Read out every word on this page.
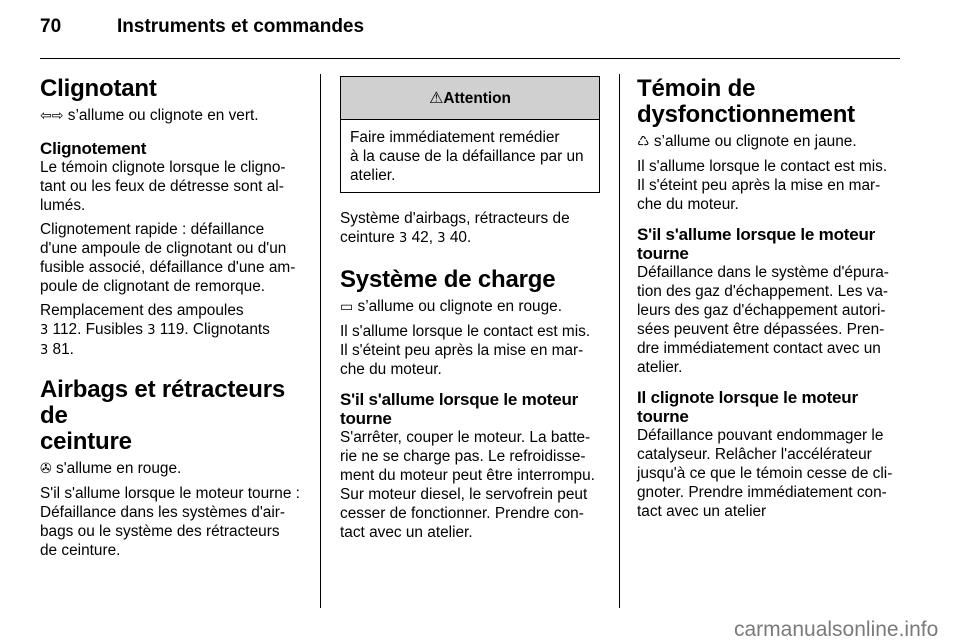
70	Instruments et commandes
Clignotant

⇦⇨ s’allume ou clignote en vert.

Clignotement

Le témoin clignote lorsque le cligno-
tant ou les feux de détresse sont al-
lumés.

Clignotement rapide : défaillance
d'une ampoule de clignotant ou d'un
fusible associé, défaillance d'une am-
poule de clignotant de remorque.

Remplacement des ampoules
3 112. Fusibles 3 119. Clignotants
3 81.

Airbags et rétracteurs de
ceinture

✇ s'allume en rouge.

S'il s'allume lorsque le moteur tourne :
Défaillance dans les systèmes d'air-
bags ou le système des rétracteurs
de ceinture.

⚠Attention
Faire immédiatement remédier
à la cause de la défaillance par un
atelier.

Système d'airbags, rétracteurs de
ceinture 3 42, 3 40.

Système de charge

▭ s’allume ou clignote en rouge.

Il s'allume lorsque le contact est mis.
Il s'éteint peu après la mise en mar-
che du moteur.

S'il s'allume lorsque le moteur
tourne

S'arrêter, couper le moteur. La batte-
rie ne se charge pas. Le refroidisse-
ment du moteur peut être interrompu.
Sur moteur diesel, le servofrein peut
cesser de fonctionner. Prendre con-
tact avec un atelier.

Témoin de
dysfonctionnement

♺ s’allume ou clignote en jaune.

Il s'allume lorsque le contact est mis.
Il s'éteint peu après la mise en mar-
che du moteur.

S'il s'allume lorsque le moteur
tourne

Défaillance dans le système d'épura-
tion des gaz d'échappement. Les va-
leurs des gaz d'échappement autori-
sées peuvent être dépassées. Pren-
dre immédiatement contact avec un
atelier.

Il clignote lorsque le moteur
tourne

Défaillance pouvant endommager le
catalyseur. Relâcher l'accélérateur
jusqu'à ce que le témoin cesse de cli-
gnoter. Prendre immédiatement con-
tact avec un atelier

carmanualsonline.info
